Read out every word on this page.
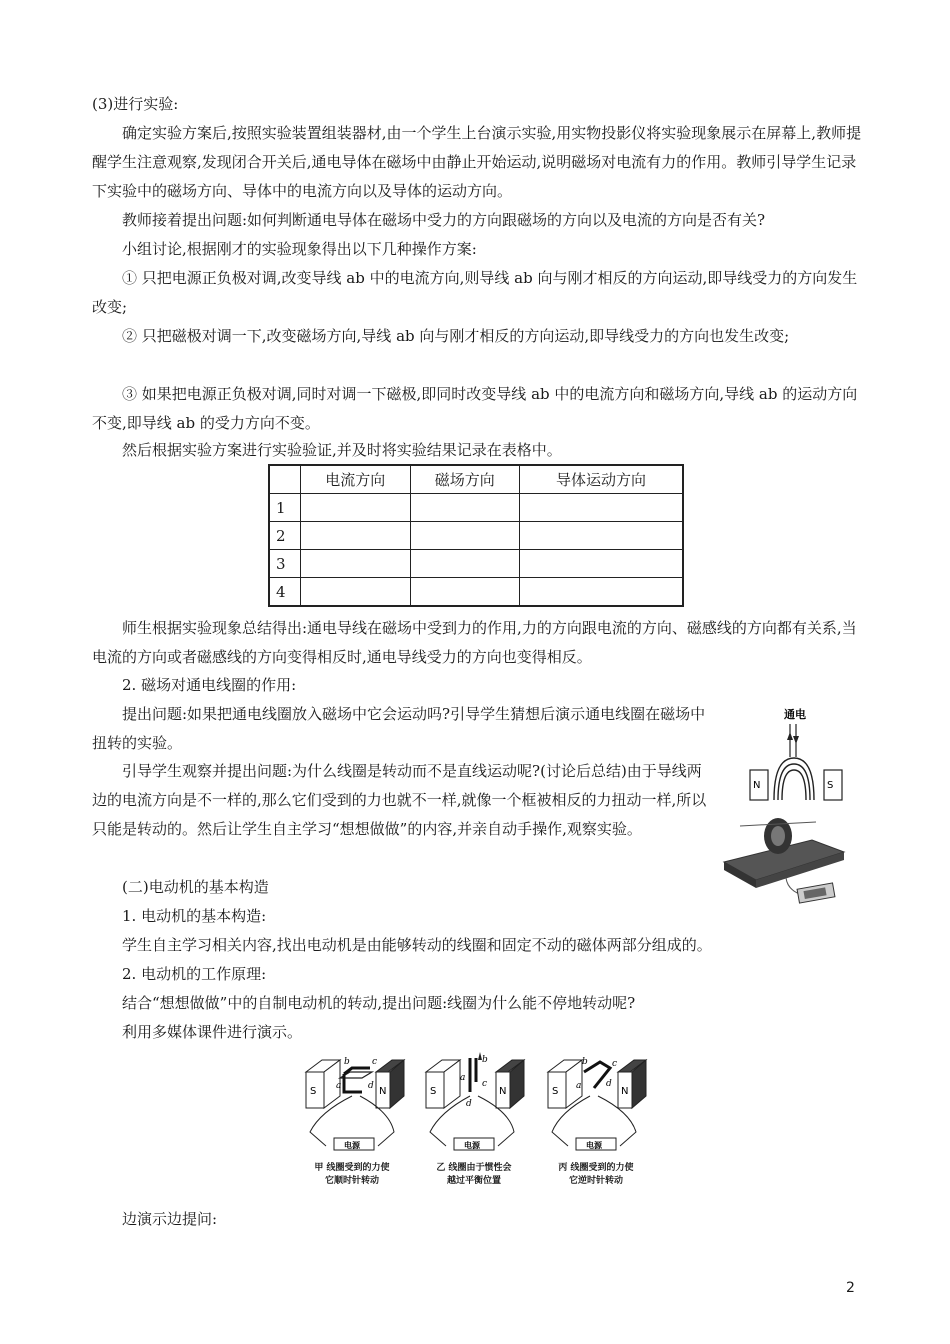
(3)进行实验:

确定实验方案后,按照实验装置组装器材,由一个学生上台演示实验,用实物投影仪将实验现象展示在屏幕上,教师提醒学生注意观察,发现闭合开关后,通电导体在磁场中由静止开始运动,说明磁场对电流有力的作用。教师引导学生记录下实验中的磁场方向、导体中的电流方向以及导体的运动方向。

教师接着提出问题:如何判断通电导体在磁场中受力的方向跟磁场的方向以及电流的方向是否有关?

小组讨论,根据刚才的实验现象得出以下几种操作方案:

① 只把电源正负极对调,改变导线 ab 中的电流方向,则导线 ab 向与刚才相反的方向运动,即导线受力的方向发生改变;

② 只把磁极对调一下,改变磁场方向,导线 ab 向与刚才相反的方向运动,即导线受力的方向也发生改变;

③ 如果把电源正负极对调,同时对调一下磁极,即同时改变导线 ab 中的电流方向和磁场方向,导线 ab 的运动方向不变,即导线 ab 的受力方向不变。

然后根据实验方案进行实验验证,并及时将实验结果记录在表格中。

	电流方向	磁场方向	导体运动方向
1			
2			
3			
4			

师生根据实验现象总结得出:通电导线在磁场中受到力的作用,力的方向跟电流的方向、磁感线的方向都有关系,当电流的方向或者磁感线的方向变得相反时,通电导线受力的方向也变得相反。

2. 磁场对通电线圈的作用:

提出问题:如果把通电线圈放入磁场中它会运动吗?引导学生猜想后演示通电线圈在磁场中扭转的实验。

引导学生观察并提出问题:为什么线圈是转动而不是直线运动呢?(讨论后总结)由于导线两边的电流方向是不一样的,那么它们受到的力也就不一样,就像一个框被相反的力扭动一样,所以只能是转动的。然后让学生自主学习“想想做做”的内容,并亲自动手操作,观察实验。

(二)电动机的基本构造

1. 电动机的基本构造:

学生自主学习相关内容,找出电动机是由能够转动的线圈和固定不动的磁体两部分组成的。

2. 电动机的工作原理:

结合“想想做做”中的自制电动机的转动,提出问题:线圈为什么能不停地转动呢?

利用多媒体课件进行演示。

通电
N	S
S	N
b c
a	d
电源
S	N
b
a
c
d
电源
S	N
b	c
a	d
电源
甲 线圈受到的力使
它顺时针转动
乙 线圈由于惯性会
越过平衡位置
丙 线圈受到的力使
它逆时针转动

边演示边提问:

2
